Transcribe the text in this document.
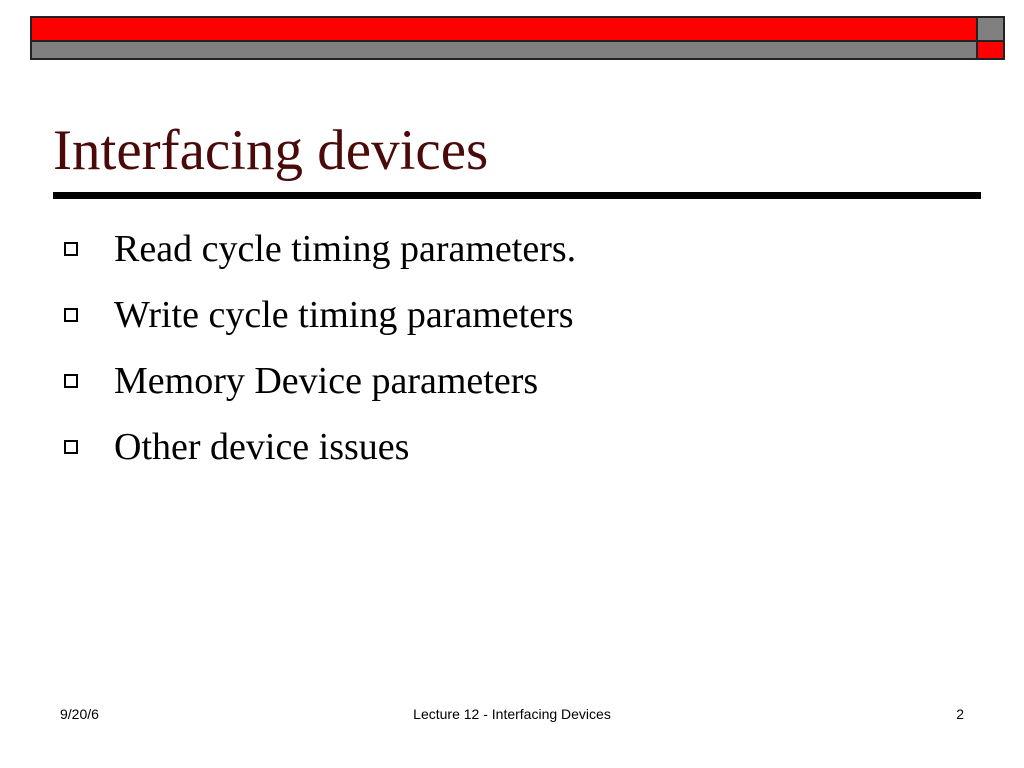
Interfacing devices
Read cycle timing parameters.
Write cycle timing parameters
Memory Device parameters
Other device issues
9/20/6	Lecture 12 - Interfacing Devices	2
